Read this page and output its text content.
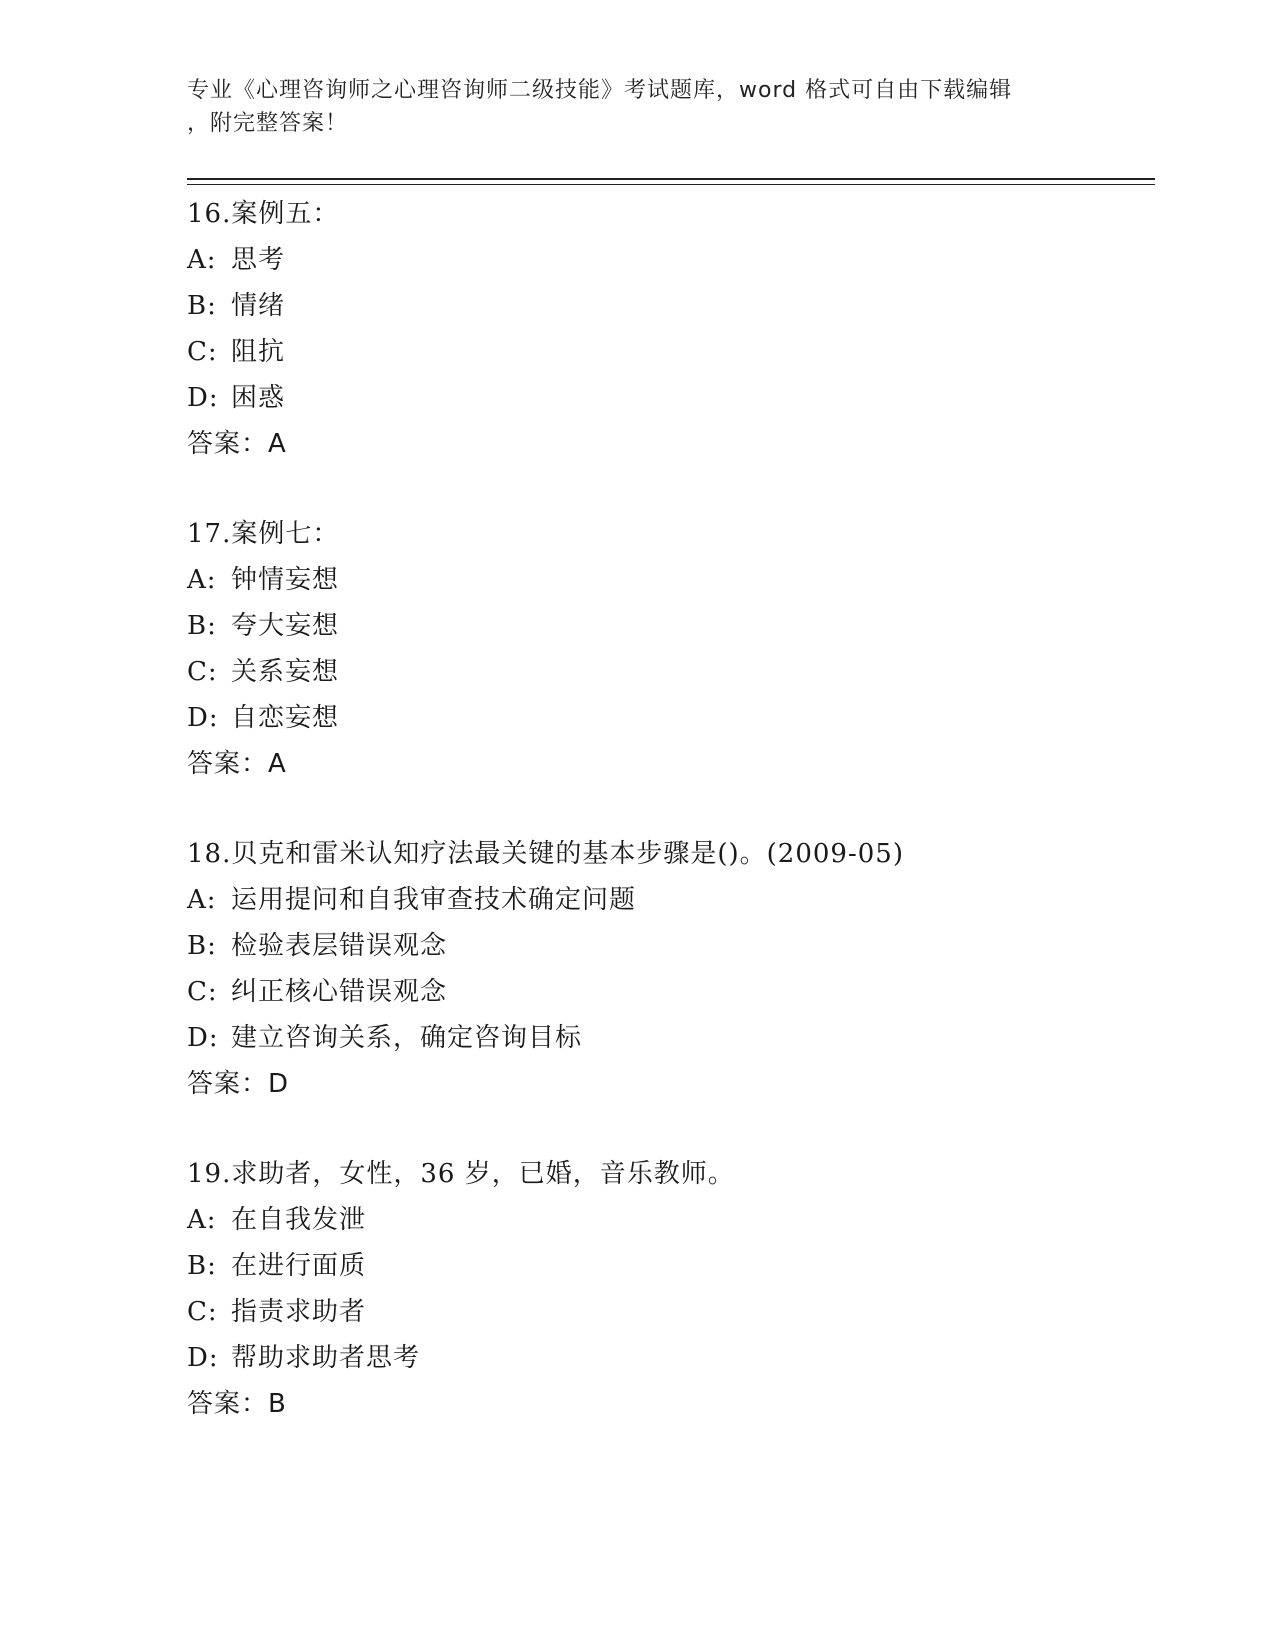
专业《心理咨询师之心理咨询师二级技能》考试题库，word 格式可自由下载编辑
，附完整答案！
16.案例五：
A: 思考
B: 情绪
C: 阻抗
D: 困惑
答案：A
17.案例七：
A: 钟情妄想
B: 夸大妄想
C: 关系妄想
D: 自恋妄想
答案：A
18.贝克和雷米认知疗法最关键的基本步骤是()。(2009-05)
A: 运用提问和自我审查技术确定问题
B: 检验表层错误观念
C: 纠正核心错误观念
D: 建立咨询关系，确定咨询目标
答案：D
19.求助者，女性，36 岁，已婚，音乐教师。
A: 在自我发泄
B: 在进行面质
C: 指责求助者
D: 帮助求助者思考
答案：B
